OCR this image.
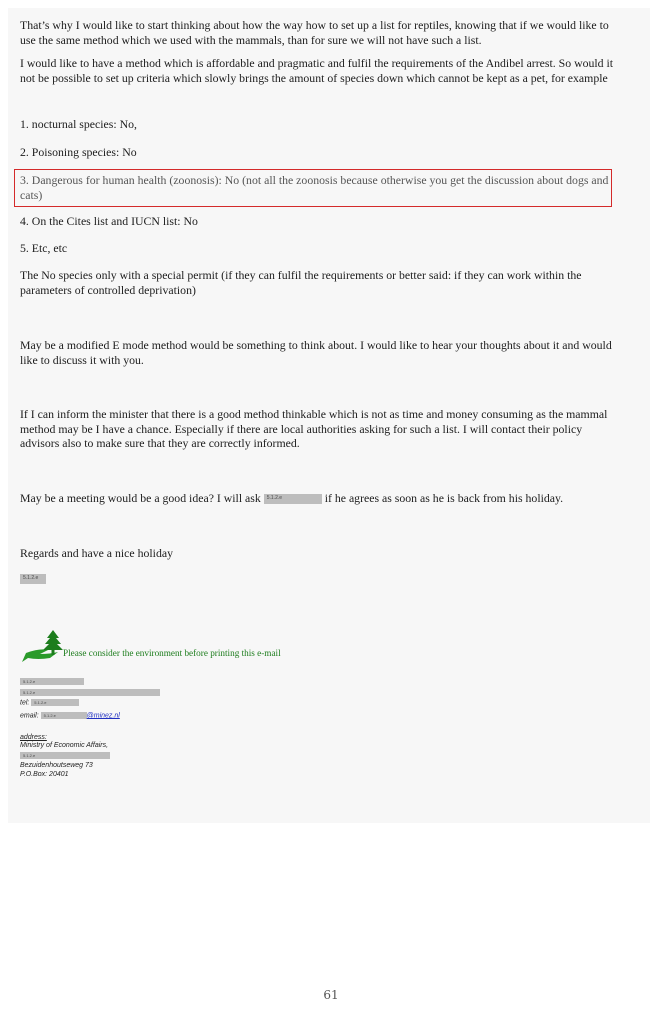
That’s why I would like to start thinking about how the way how to set up a list for reptiles, knowing that if we would like to use the same method which we used with the mammals, than for sure we will not have such a list.

I would like to have a method which is affordable and pragmatic and fulfil the requirements of the Andibel arrest. So would it not be possible to set up criteria which slowly brings the amount of species down which cannot be kept as a pet, for example

1. nocturnal species: No,

2. Poisoning species: No

3. Dangerous for human health (zoonosis): No (not all the zoonosis because otherwise you get the discussion about dogs and cats)

4. On the Cites list and IUCN list: No

5. Etc, etc

The No species only with a special permit (if they can fulfil the requirements or better said: if they can work within the parameters of controlled deprivation)

May be a modified E mode method would be something to think about. I would like to hear your thoughts about it and would like to discuss it with you.

If I can inform the minister that there is a good method thinkable which is not as time and money consuming as the mammal method may be I have a chance. Especially if there are local authorities asking for such a list. I will contact their policy advisors also to make sure that they are correctly informed.

May be a meeting would be a good idea? I will ask 5.1.2.e	if he agrees as soon as he is back from his holiday.

Regards and have a nice holiday

5.1.2.e
Please consider the environment before printing this e-mail
5.1.2.e
5.1.2.e
tel: 5.1.2.e
email: 5.1.2.e	@minez.nl
address:
Ministry of Economic Affairs,
5.1.2.e
Bezuidenhoutseweg 73
P.O.Box: 20401
61
